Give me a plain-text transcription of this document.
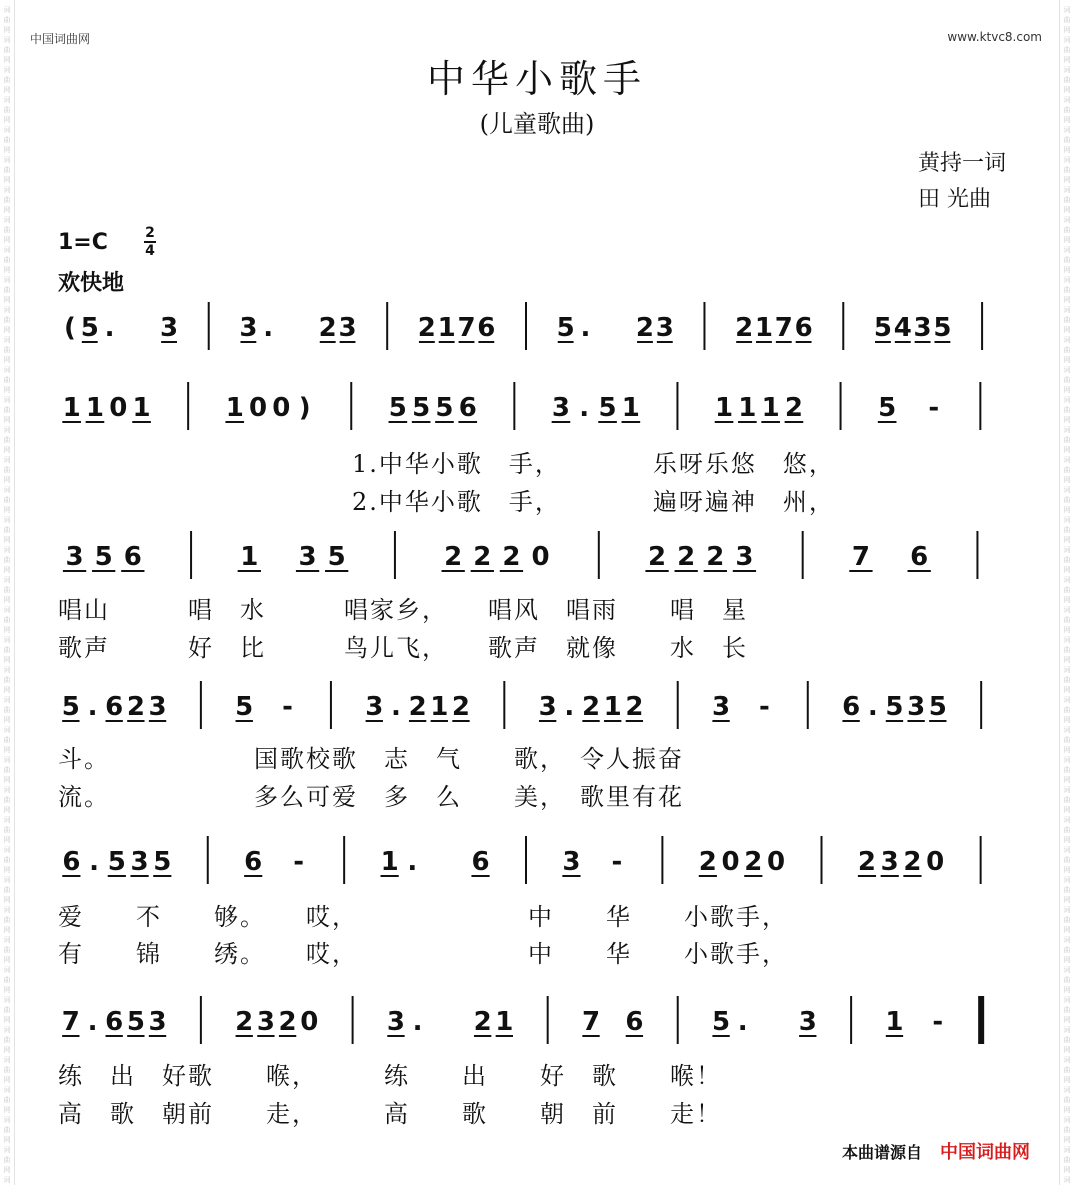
词
曲
网
词
曲
网
词
曲
网
词
曲
网
词
曲
网
词
曲
网
词
曲
网
词
曲
网
词
曲
网
词
曲
网
词
曲
网
词
曲
网
词
曲
网
词
曲
网
词
曲
网
词
曲
网
词
曲
网
词
曲
网
词
曲
网
词
曲
网
词
曲
网
词
曲
网
词
曲
网
词
曲
网
词
曲
网
词
曲
网
词
曲
网
词
曲
网
词
曲
网
词
曲
网
词
曲
网
词
曲
网
词
曲
网
词
曲
网
词
曲
网
词
曲
网
词
曲
网
词
曲
网
词
曲
网
词
词
曲
网
词
曲
网
词
曲
网
词
曲
网
词
曲
网
词
曲
网
词
曲
网
词
曲
网
词
曲
网
词
曲
网
词
曲
网
词
曲
网
词
曲
网
词
曲
网
词
曲
网
词
曲
网
词
曲
网
词
曲
网
词
曲
网
词
曲
网
词
曲
网
词
曲
网
词
曲
网
词
曲
网
词
曲
网
词
曲
网
词
曲
网
词
曲
网
词
曲
网
词
曲
网
词
曲
网
词
曲
网
词
曲
网
词
曲
网
词
曲
网
词
曲
网
词
曲
网
词
曲
网
词
曲
网
词
中国词曲网	www.ktvc8.com
中华小歌手
(儿童歌曲)
黄持一词
田 光曲
1=C	2
4
欢快地
( 5 . 3 3 . 2 3 2 1 7 6 5 . 2 3 2 1 7 6 5 4 3 5
1 1 0 1	1 0 0 )	5 5 5 6	3 . 5 1	1 1 1 2	5 -
3 5 6	1 3 5	2 2 2 0	2 2 2 3	7 6
5 . 6 2 3	5 -	3 . 2 1 2	3 . 2 1 2	3 -	6 . 5 3 5
6 . 5 3 5	6 -	1 . 6	3 -	2 0 2 0	2 3 2 0
7 . 6 5 3	2 3 2 0	3 . 2 1	7 6	5 . 3	1 -
1.中华小歌　手，　　　　乐呀乐悠　悠，
2.中华小歌　手，　　　　遍呀遍神　州，
唱山　　　唱　水　　　唱家乡，　　唱风　唱雨　　唱　星
歌声　　　好　比　　　鸟儿飞，　　歌声　就像　　水　长
斗。　　　　　　国歌校歌　志　气　　歌，　令人振奋
流。　　　　　　多么可爱　多　么　　美，　歌里有花
爱　　不　　够。　　哎，　　　　　　　中　　华　　小歌手，
有　　锦　　绣。　　哎，　　　　　　　中　　华　　小歌手，
练　出　好歌　　喉，　　　练　　出　　好　歌　　喉！
高　歌　朝前　　走，　　　高　　歌　　朝　前　　走！
本曲谱源自 中国词曲网
